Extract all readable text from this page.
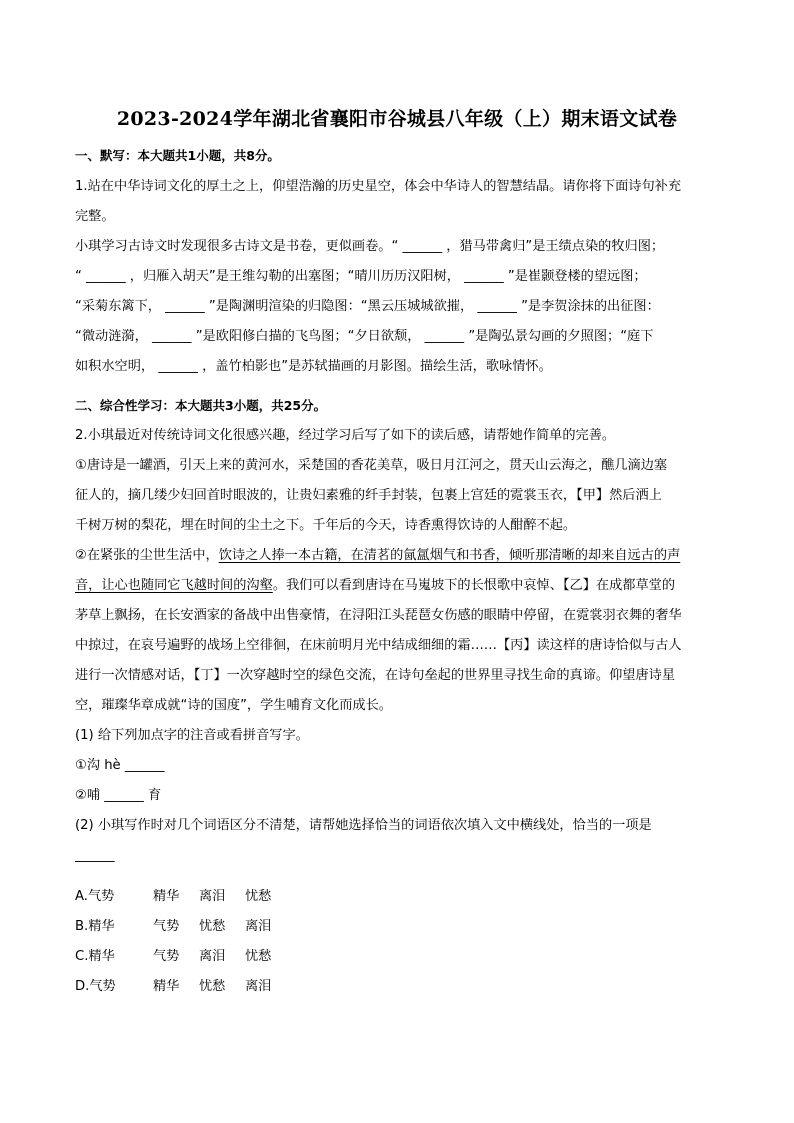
2023-2024学年湖北省襄阳市谷城县八年级（上）期末语文试卷
一、默写：本大题共1小题，共8分。
1.站在中华诗词文化的厚土之上，仰望浩瀚的历史星空，体会中华诗人的智慧结晶。请你将下面诗句补充
完整。
小琪学习古诗文时发现很多古诗文是书卷，更似画卷。“ ______ ，猎马带禽归”是王绩点染的牧归图；
“ ______ ，归雁入胡天”是王维勾勒的出塞图；“晴川历历汉阳树， ______ ”是崔颢登楼的望远图；
“采菊东篱下， ______ ”是陶渊明渲染的归隐图：“黑云压城城欲摧， ______ ”是李贺涂抹的出征图：
“微动涟漪， ______ ”是欧阳修白描的飞鸟图；“夕日欲颓， ______ ”是陶弘景勾画的夕照图；“庭下
如积水空明， ______ ，盖竹柏影也”是苏轼描画的月影图。描绘生活，歌咏情怀。
二、综合性学习：本大题共3小题，共25分。
2.小琪最近对传统诗词文化很感兴趣，经过学习后写了如下的读后感，请帮她作简单的完善。
①唐诗是一罐酒，引天上来的黄河水，采楚国的香花美草，吸日月江河之，贯天山云海之，醮几滴边塞
征人的，摘几缕少妇回首时眼波的，让贵妇素雅的纤手封装，包裹上宫廷的霓裳玉衣，【甲】然后洒上
千树万树的梨花，埋在时间的尘土之下。千年后的今天，诗香熏得饮诗的人酣醉不起。
②在紧张的尘世生活中，饮诗之人捧一本古籍，在清茗的氤氲烟气和书香，倾听那清晰的却来自远古的声
音，让心也随同它飞越时间的沟壑。我们可以看到唐诗在马嵬坡下的长恨歌中哀悼、【乙】在成都草堂的
茅草上飘扬，在长安酒家的备战中出售豪情，在浔阳江头琵琶女伤感的眼睛中停留，在霓裳羽衣舞的奢华
中掠过，在哀号遍野的战场上空徘徊，在床前明月光中结成细细的霜……【丙】读这样的唐诗恰似与古人
进行一次情感对话，【丁】一次穿越时空的绿色交流，在诗句垒起的世界里寻找生命的真谛。仰望唐诗星
空，璀璨华章成就“诗的国度”，学生哺育文化而成长。
(1) 给下列加点字的注音或看拼音写字。
①沟 hè ______
②哺 ______ 育
(2) 小琪写作时对几个词语区分不清楚，请帮她选择恰当的词语依次填入文中横线处，恰当的一项是
______
A.气势	精华 离泪 忧愁
B.精华	气势 忧愁 离泪
C.精华	气势 离泪 忧愁
D.气势	精华 忧愁 离泪
